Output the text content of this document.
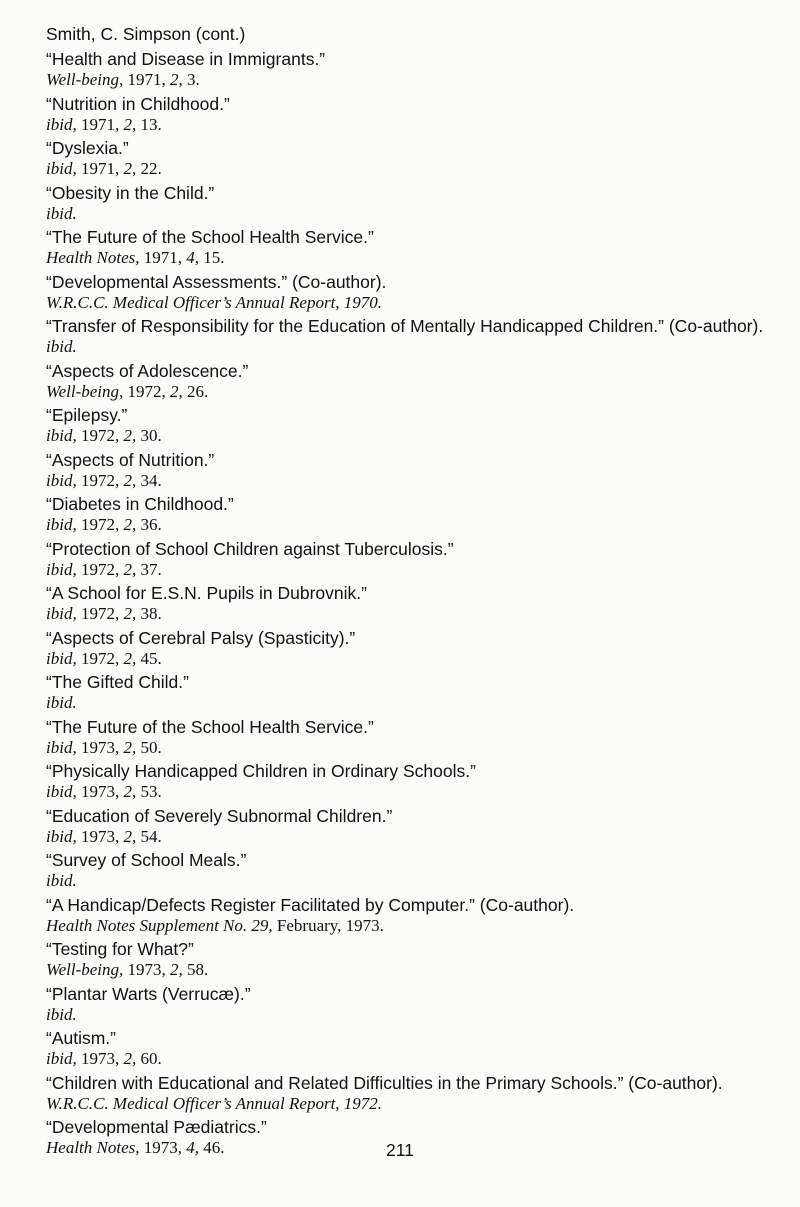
Smith, C. Simpson (cont.)
“Health and Disease in Immigrants.”
Well-being, 1971, 2, 3.
“Nutrition in Childhood.”
ibid, 1971, 2, 13.
“Dyslexia.”
ibid, 1971, 2, 22.
“Obesity in the Child.”
ibid.
“The Future of the School Health Service.”
Health Notes, 1971, 4, 15.
“Developmental Assessments.” (Co-author).
W.R.C.C. Medical Officer’s Annual Report, 1970.
“Transfer of Responsibility for the Education of Mentally Handicapped Children.” (Co-author).
ibid.
“Aspects of Adolescence.”
Well-being, 1972, 2, 26.
“Epilepsy.”
ibid, 1972, 2, 30.
“Aspects of Nutrition.”
ibid, 1972, 2, 34.
“Diabetes in Childhood.”
ibid, 1972, 2, 36.
“Protection of School Children against Tuberculosis.”
ibid, 1972, 2, 37.
“A School for E.S.N. Pupils in Dubrovnik.”
ibid, 1972, 2, 38.
“Aspects of Cerebral Palsy (Spasticity).”
ibid, 1972, 2, 45.
“The Gifted Child.”
ibid.
“The Future of the School Health Service.”
ibid, 1973, 2, 50.
“Physically Handicapped Children in Ordinary Schools.”
ibid, 1973, 2, 53.
“Education of Severely Subnormal Children.”
ibid, 1973, 2, 54.
“Survey of School Meals.”
ibid.
“A Handicap/Defects Register Facilitated by Computer.” (Co-author).
Health Notes Supplement No. 29, February, 1973.
“Testing for What?”
Well-being, 1973, 2, 58.
“Plantar Warts (Verrucæ).”
ibid.
“Autism.”
ibid, 1973, 2, 60.
“Children with Educational and Related Difficulties in the Primary Schools.” (Co-author).
W.R.C.C. Medical Officer’s Annual Report, 1972.
“Developmental Pædiatrics.”
Health Notes, 1973, 4, 46.	211
